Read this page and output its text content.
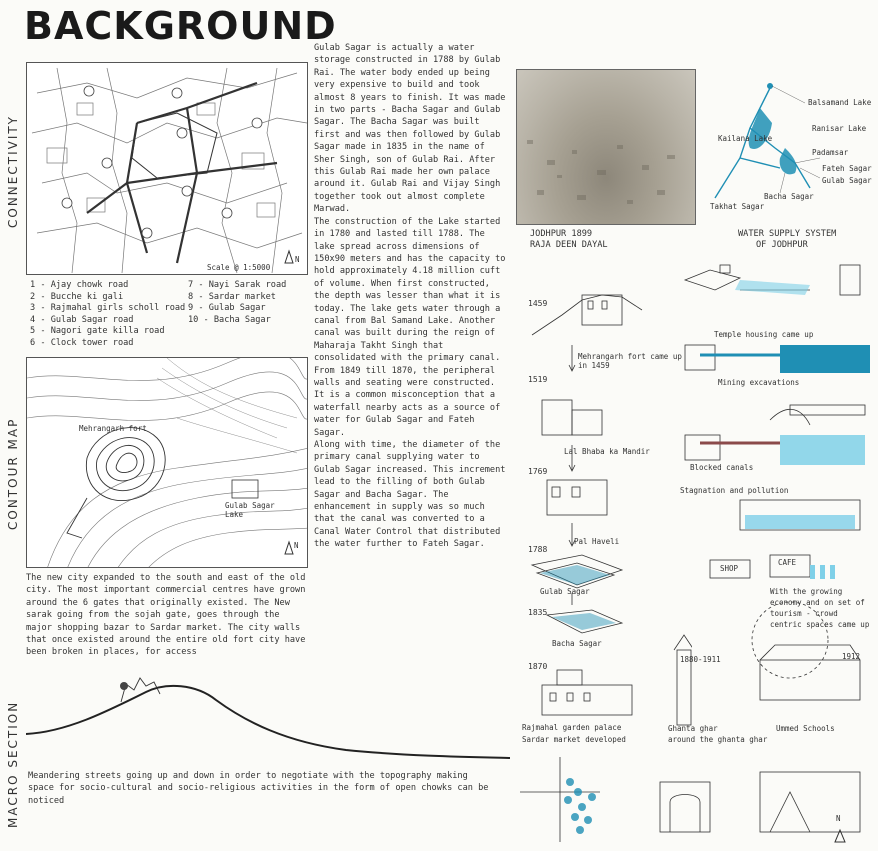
BACKGROUND
CONNECTIVITY
CONTOUR MAP
MACRO SECTION
Scale @ 1:5000
N
1 - Ajay chowk road
2 - Bucche ki gali
3 - Rajmahal girls scholl road
4 - Gulab Sagar road
5 - Nagori gate killa road
6 - Clock tower road
7 - Nayi Sarak road
8 - Sardar market
9 - Gulab Sagar
10 - Bacha Sagar
Mehrangarh fort
Gulab Sagar Lake
N
The new city expanded to the south and east of the old city. The most important commercial centres have grown around the 6 gates that originally existed. The New sarak going from the sojah gate, goes through the major shopping bazar to Sardar market. The city walls that once existed around the entire old fort city have been broken in places, for access

Gulab Sagar is actually a water storage constructed in 1788 by Gulab Rai. The water body ended up being very expensive to build and took almost 8 years to finish. It was made in two parts - Bacha Sagar and Gulab Sagar. The Bacha Sagar was built first and was then followed by Gulab Sagar made in 1835 in the name of Sher Singh, son of Gulab Rai. After this Gulab Rai made her own palace around it. Gulab Rai and Vijay Singh together took out almost complete Marwad.

The construction of the Lake started in 1780 and lasted till 1788. The lake spread across dimensions of 150x90 meters and has the capacity to hold approximately 4.18 million cuft of volume. When first constructed, the depth was lesser than what it is today. The lake gets water through a canal from Bal Samand Lake. Another canal was built during the reign of Maharaja Takht Singh that consolidated with the primary canal. From 1849 till 1870, the peripheral walls and seating were constructed. It is a common misconception that a waterfall nearby acts as a source of water for Gulab Sagar and Fateh Sagar.

Along with time, the diameter of the primary canal supplying water to Gulab Sagar increased. This increment lead to the filling of both Gulab Sagar and Bacha Sagar. The enhancement in supply was so much that the canal was converted to a Canal Water Control that distributed the water further to Fateh Sagar.

JODHPUR 1899
RAJA DEEN DAYAL
Balsamand Lake
Kailana Lake
Ranisar Lake
Padamsar
Fateh Sagar
Gulab Sagar
Bacha Sagar
Takhat Sagar
WATER SUPPLY SYSTEM
OF JODHPUR
1459
1519
1769
1788
1835
1870
Mehrangarh fort came up in 1459
Lal Bhaba ka Mandir
Pal Haveli
Gulab Sagar
Bacha Sagar
Rajmahal garden palace
Sardar market developed
Ghanta ghar
around the ghanta ghar
Ummed Schools
1880-1911
Temple housing came up
Mining excavations
Blocked canals
Stagnation and pollution
With the growing economy and on set of tourism - crowd centric spaces came up
1912
CAFE
SHOP
Meandering streets going up and down in order to negotiate with the topography making space for socio-cultural and socio-religious activities in the form of open chowks can be noticed
N
